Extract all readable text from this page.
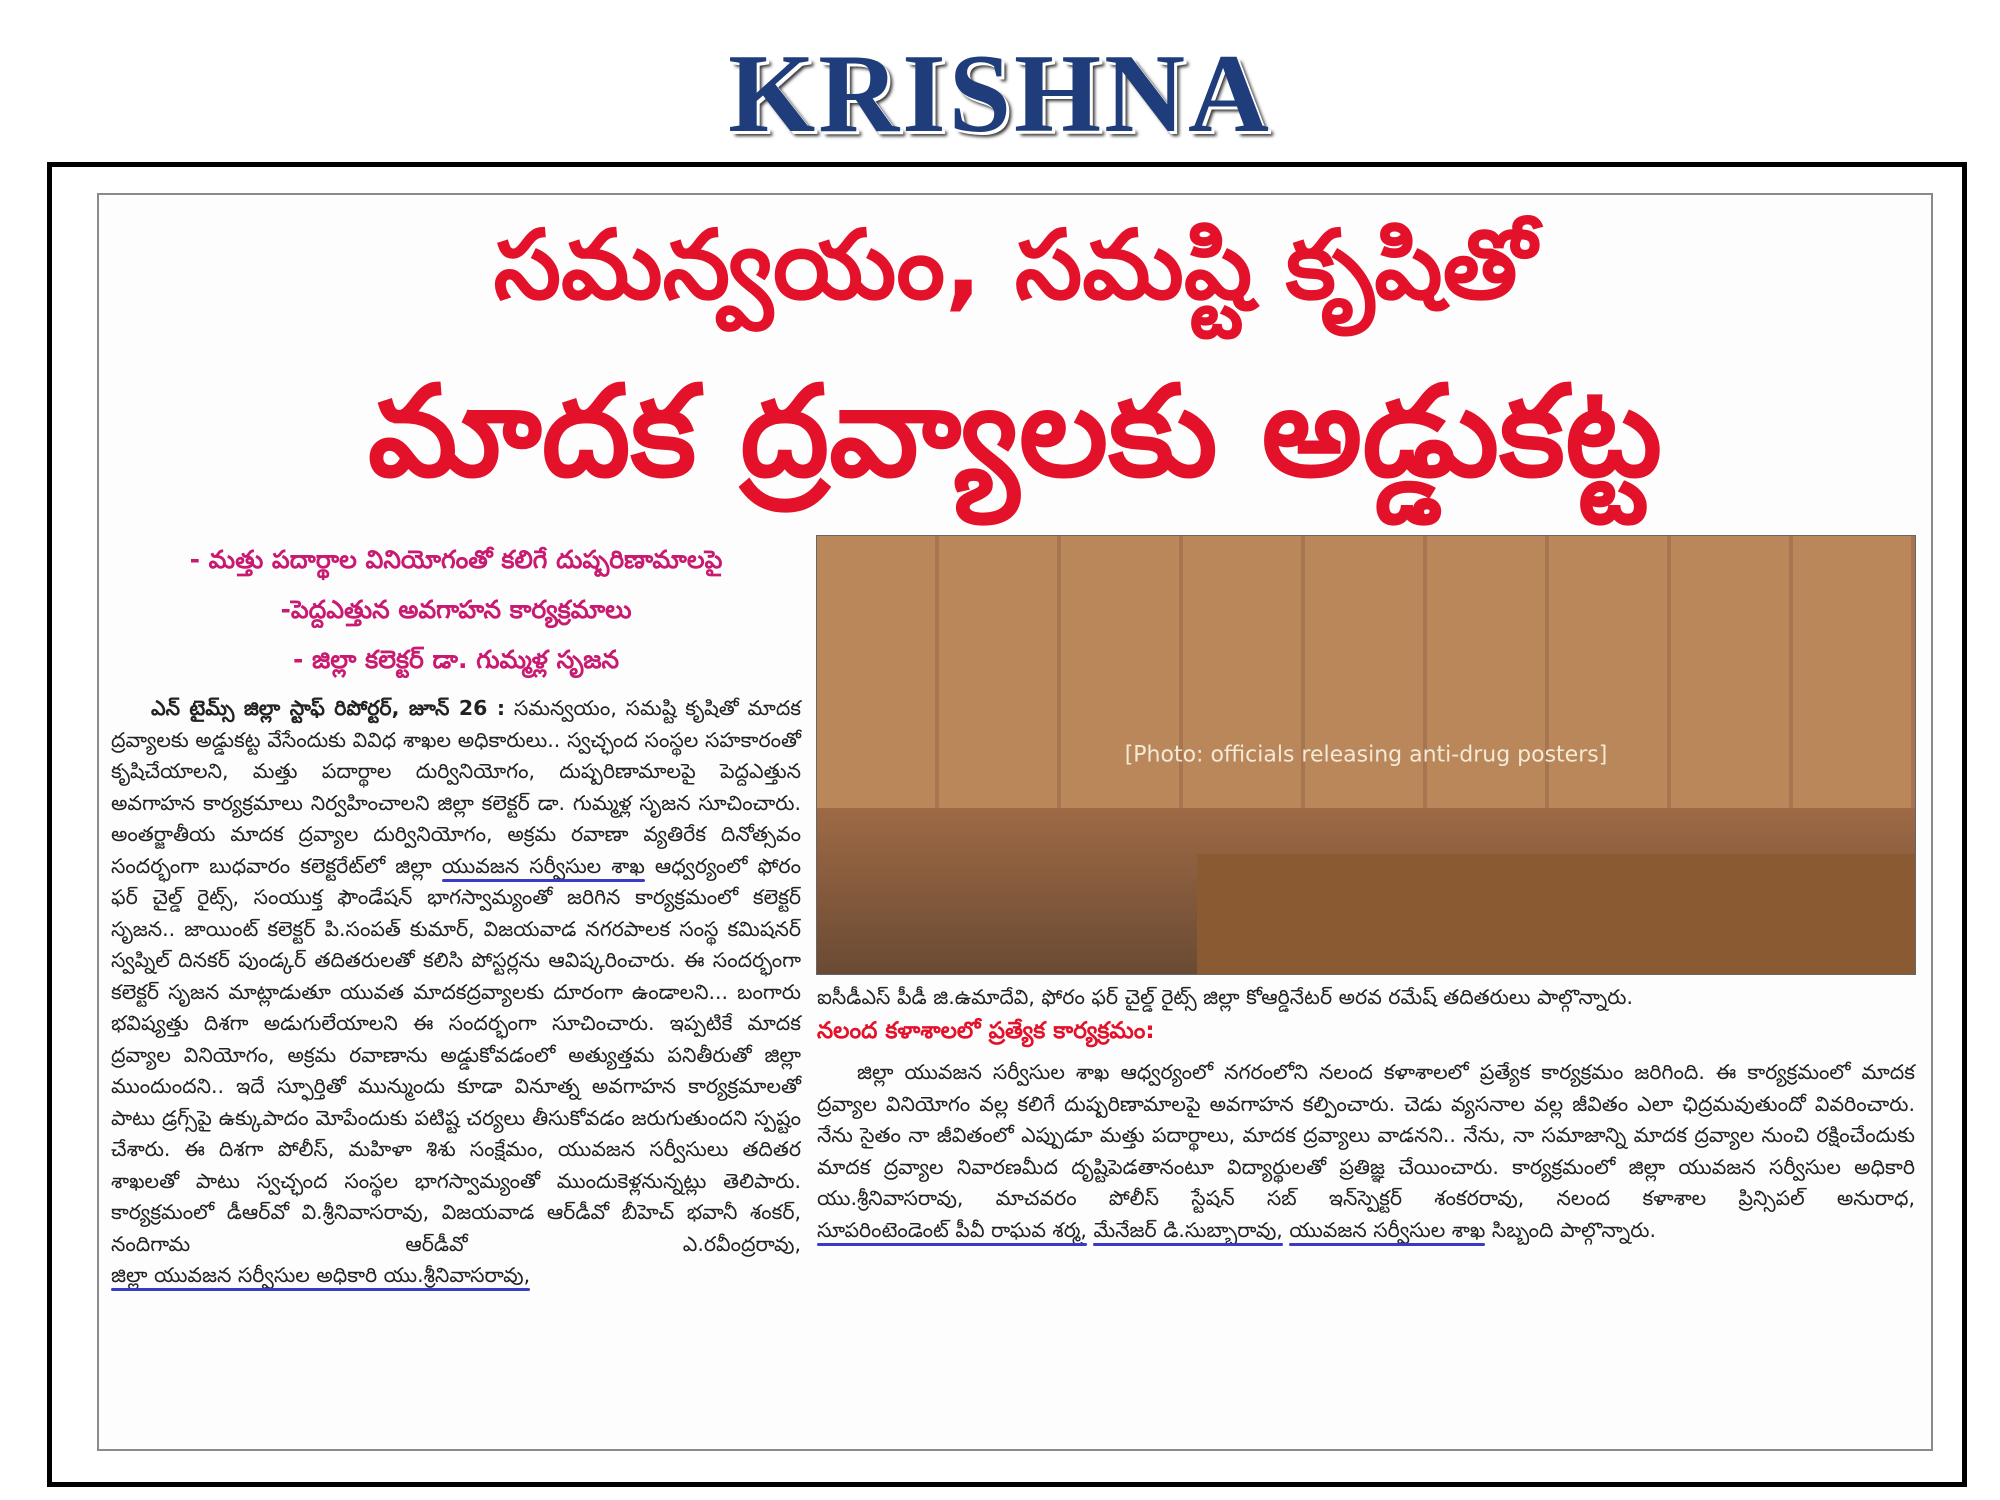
KRISHNA
సమన్వయం, సమష్టి కృషితో
మాదక ద్రవ్యాలకు అడ్డుకట్ట
- మత్తు పదార్థాల వినియోగంతో కలిగే దుష్పరిణామాలపై
-పెద్దఎత్తున అవగాహన కార్యక్రమాలు
- జిల్లా కలెక్టర్ డా. గుమ్మళ్ల సృజన
[Photo: officials releasing anti-drug posters]

ఎన్ టైమ్స్ జిల్లా స్టాఫ్ రిపోర్టర్, జూన్ 26 : సమన్వయం, సమష్టి కృషితో మాదక ద్రవ్యాలకు అడ్డుకట్ట వేసేందుకు వివిధ శాఖల అధికారులు.. స్వచ్ఛంద సంస్థల సహకారంతో కృషిచేయాలని, మత్తు పదార్థాల దుర్వినియోగం, దుష్పరిణామాలపై పెద్దఎత్తున అవగాహన కార్యక్రమాలు నిర్వహించాలని జిల్లా కలెక్టర్ డా. గుమ్మళ్ల సృజన సూచించారు. అంతర్జాతీయ మాదక ద్రవ్యాల దుర్వినియోగం, అక్రమ రవాణా వ్యతిరేక దినోత్సవం సందర్భంగా బుధవారం కలెక్టరేట్‌లో జిల్లా యువజన సర్వీసుల శాఖ ఆధ్వర్యంలో ఫోరం ఫర్ చైల్డ్ రైట్స్, సంయుక్త ఫౌండేషన్ భాగస్వామ్యంతో జరిగిన కార్యక్రమంలో కలెక్టర్ సృజన.. జాయింట్ కలెక్టర్ పి.సంపత్ కుమార్, విజయవాడ నగరపాలక సంస్థ కమిషనర్ స్వప్నిల్ దినకర్ పుండ్కర్ తదితరులతో కలిసి పోస్టర్లను ఆవిష్కరించారు. ఈ సందర్భంగా కలెక్టర్ సృజన మాట్లాడుతూ యువత మాదకద్రవ్యాలకు దూరంగా ఉండాలని... బంగారు భవిష్యత్తు దిశగా అడుగులేయాలని ఈ సందర్భంగా సూచించారు. ఇప్పటికే మాదక ద్రవ్యాల వినియోగం, అక్రమ రవాణాను అడ్డుకోవడంలో అత్యుత్తమ పనితీరుతో జిల్లా ముందుందని.. ఇదే స్ఫూర్తితో మున్ముందు కూడా వినూత్న అవగాహన కార్యక్రమాలతో పాటు డ్రగ్స్‌పై ఉక్కుపాదం మోపేందుకు పటిష్ట చర్యలు తీసుకోవడం జరుగుతుందని స్పష్టం చేశారు. ఈ దిశగా పోలీస్, మహిళా శిశు సంక్షేమం, యువజన సర్వీసులు తదితర శాఖలతో పాటు స్వచ్ఛంద సంస్థల భాగస్వామ్యంతో ముందుకెళ్లనున్నట్లు తెలిపారు. కార్యక్రమంలో డీఆర్‌వో వి.శ్రీనివాసరావు, విజయవాడ ఆర్‌డీవో బీహెచ్ భవానీ శంకర్, నందిగామ ఆర్‌డీవో ఎ.రవీంద్రరావు, జిల్లా యువజన సర్వీసుల అధికారి యు.శ్రీనివాసరావు,

ఐసీడీఎస్ పీడీ జి.ఉమాదేవి, ఫోరం ఫర్ చైల్డ్ రైట్స్ జిల్లా కోఆర్డినేటర్ అరవ రమేష్ తదితరులు పాల్గొన్నారు.

నలంద కళాశాలలో ప్రత్యేక కార్యక్రమం:

జిల్లా యువజన సర్వీసుల శాఖ ఆధ్వర్యంలో నగరంలోని నలంద కళాశాలలో ప్రత్యేక కార్యక్రమం జరిగింది. ఈ కార్యక్రమంలో మాదక ద్రవ్యాల వినియోగం వల్ల కలిగే దుష్పరిణామాలపై అవగాహన కల్పించారు. చెడు వ్యసనాల వల్ల జీవితం ఎలా ఛిద్రమవుతుందో వివరించారు. నేను సైతం నా జీవితంలో ఎప్పుడూ మత్తు పదార్థాలు, మాదక ద్రవ్యాలు వాడనని.. నేను, నా సమాజాన్ని మాదక ద్రవ్యాల నుంచి రక్షించేందుకు మాదక ద్రవ్యాల నివారణమీద దృష్టిపెడతానంటూ విద్యార్థులతో ప్రతిజ్ఞ చేయించారు. కార్యక్రమంలో జిల్లా యువజన సర్వీసుల అధికారి యు.శ్రీనివాసరావు, మాచవరం పోలీస్ స్టేషన్ సబ్ ఇన్‌స్పెక్టర్ శంకరరావు, నలంద కళాశాల ప్రిన్సిపల్ అనురాధ, సూపరింటెండెంట్ పీవీ రాఘవ శర్మ, మేనేజర్ డి.సుబ్బారావు, యువజన సర్వీసుల శాఖ సిబ్బంది పాల్గొన్నారు.
